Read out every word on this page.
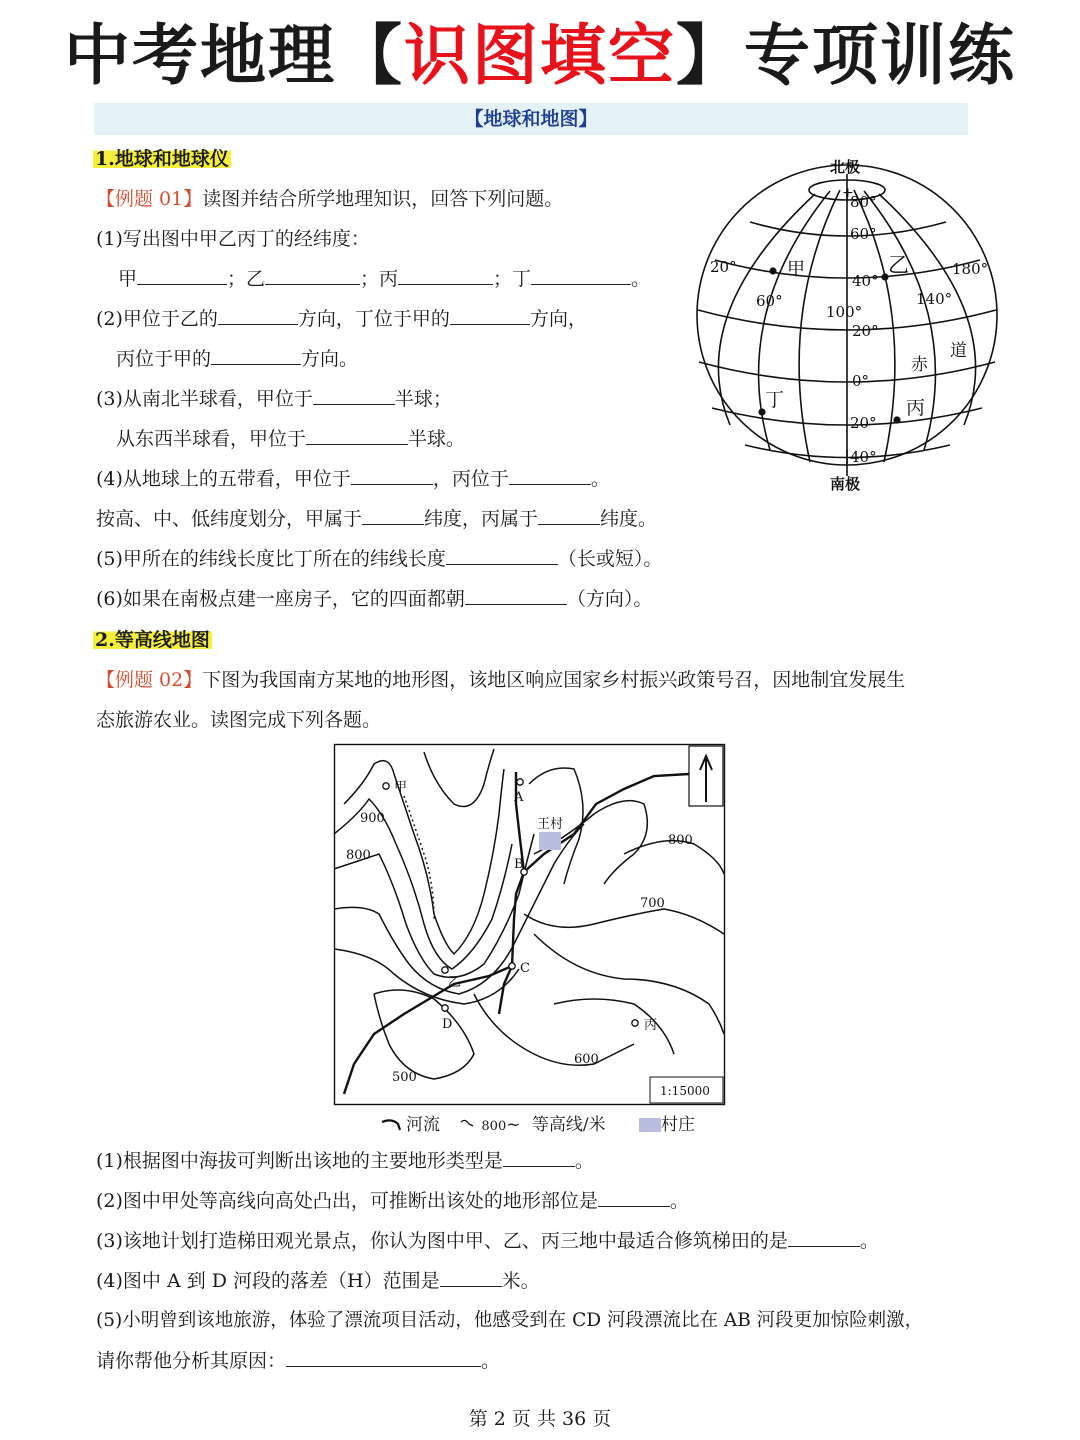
中考地理【识图填空】专项训练
【地球和地图】
1.地球和地球仪
【例题 01】读图并结合所学地理知识，回答下列问题。
(1)写出图中甲乙丙丁的经纬度：
甲	；乙	；丙	；丁	。
(2)甲位于乙的	方向，丁位于甲的	方向，
丙位于甲的	方向。
(3)从南北半球看，甲位于	半球；
从东西半球看，甲位于	半球。
(4)从地球上的五带看，甲位于	，丙位于	。
按高、中、低纬度划分，甲属于	纬度，丙属于	纬度。
(5)甲所在的纬线长度比丁所在的纬线长度	（长或短）。
(6)如果在南极点建一座房子，它的四面都朝	（方向）。
北极
+
80°
60°
40°
20°
0°
20°
40°
20°
60°
100°
140°
180°
甲	乙
丙
丁
赤
道
南极
2.等高线地图
【例题 02】下图为我国南方某地的地形图，该地区响应国家乡村振兴政策号召，因地制宜发展生
态旅游农业。读图完成下列各题。
甲
A
王村
B
C
乙
D	丙
900
800
800
700
600
500
1:15000
河流	800~ 等高线/米	村庄
(1)根据图中海拔可判断出该地的主要地形类型是	。
(2)图中甲处等高线向高处凸出，可推断出该处的地形部位是	。
(3)该地计划打造梯田观光景点，你认为图中甲、乙、丙三地中最适合修筑梯田的是	。
(4)图中 A 到 D 河段的落差（H）范围是	米。
(5)小明曾到该地旅游，体验了漂流项目活动，他感受到在 CD 河段漂流比在 AB 河段更加惊险刺激，
请你帮他分析其原因：	。
第 2 页 共 36 页
